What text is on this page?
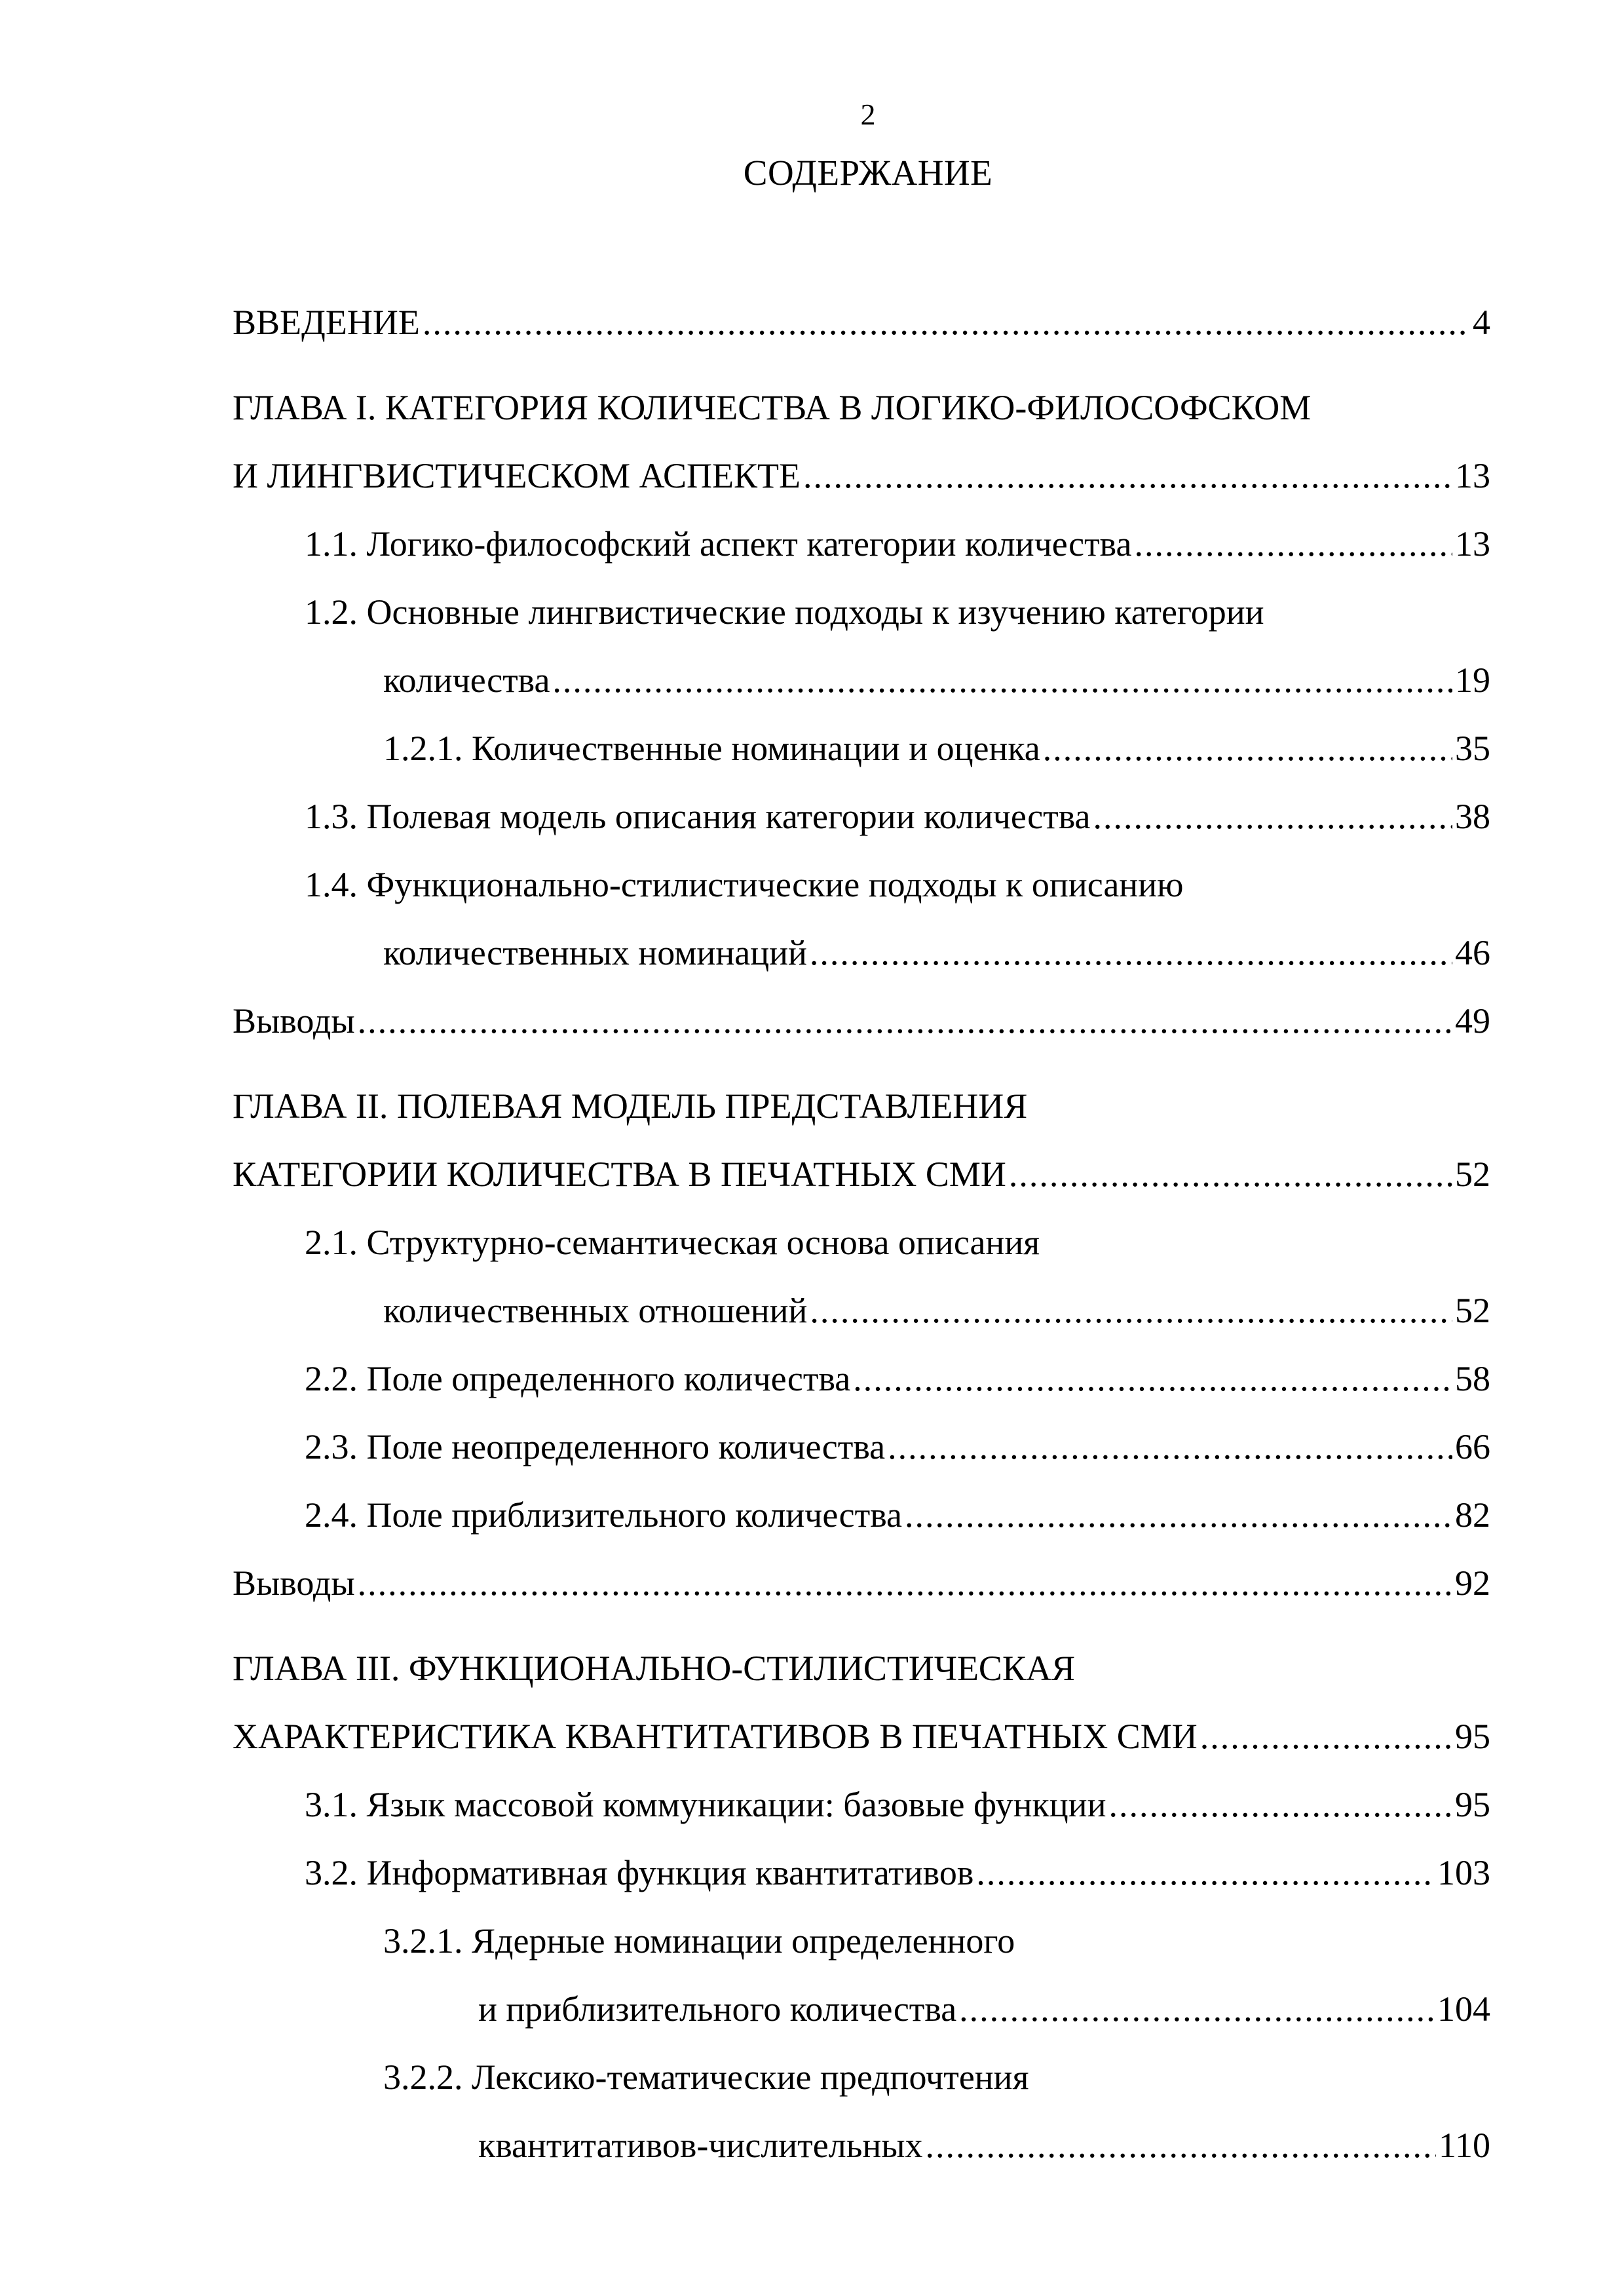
2
СОДЕРЖАНИЕ
ВВЕДЕНИЕ .....	4
ГЛАВА I. КАТЕГОРИЯ КОЛИЧЕСТВА В ЛОГИКО-ФИЛОСОФСКОМ
И ЛИНГВИСТИЧЕСКОМ АСПЕКТЕ .....	13
1.1. Логико-философский аспект категории количества .....	13
1.2. Основные лингвистические подходы к изучению категории
количества .....	19
1.2.1. Количественные номинации и оценка .....	35
1.3. Полевая модель описания категории количества .....	38
1.4. Функционально-стилистические подходы к описанию
количественных номинаций .....	46
Выводы .....	49
ГЛАВА II. ПОЛЕВАЯ МОДЕЛЬ ПРЕДСТАВЛЕНИЯ
КАТЕГОРИИ КОЛИЧЕСТВА В ПЕЧАТНЫХ СМИ .....	52
2.1. Структурно-семантическая основа описания
количественных отношений .....	52
2.2. Поле определенного количества .....	58
2.3. Поле неопределенного количества .....	66
2.4. Поле приблизительного количества .....	82
Выводы .....	92
ГЛАВА III. ФУНКЦИОНАЛЬНО-СТИЛИСТИЧЕСКАЯ
ХАРАКТЕРИСТИКА КВАНТИТАТИВОВ В ПЕЧАТНЫХ СМИ .....	95
3.1. Язык массовой коммуникации: базовые функции .....	95
3.2. Информативная функция квантитативов .....	103
3.2.1. Ядерные номинации определенного
и приблизительного количества .....	104
3.2.2. Лексико-тематические предпочтения
квантитативов-числительных .....	110
